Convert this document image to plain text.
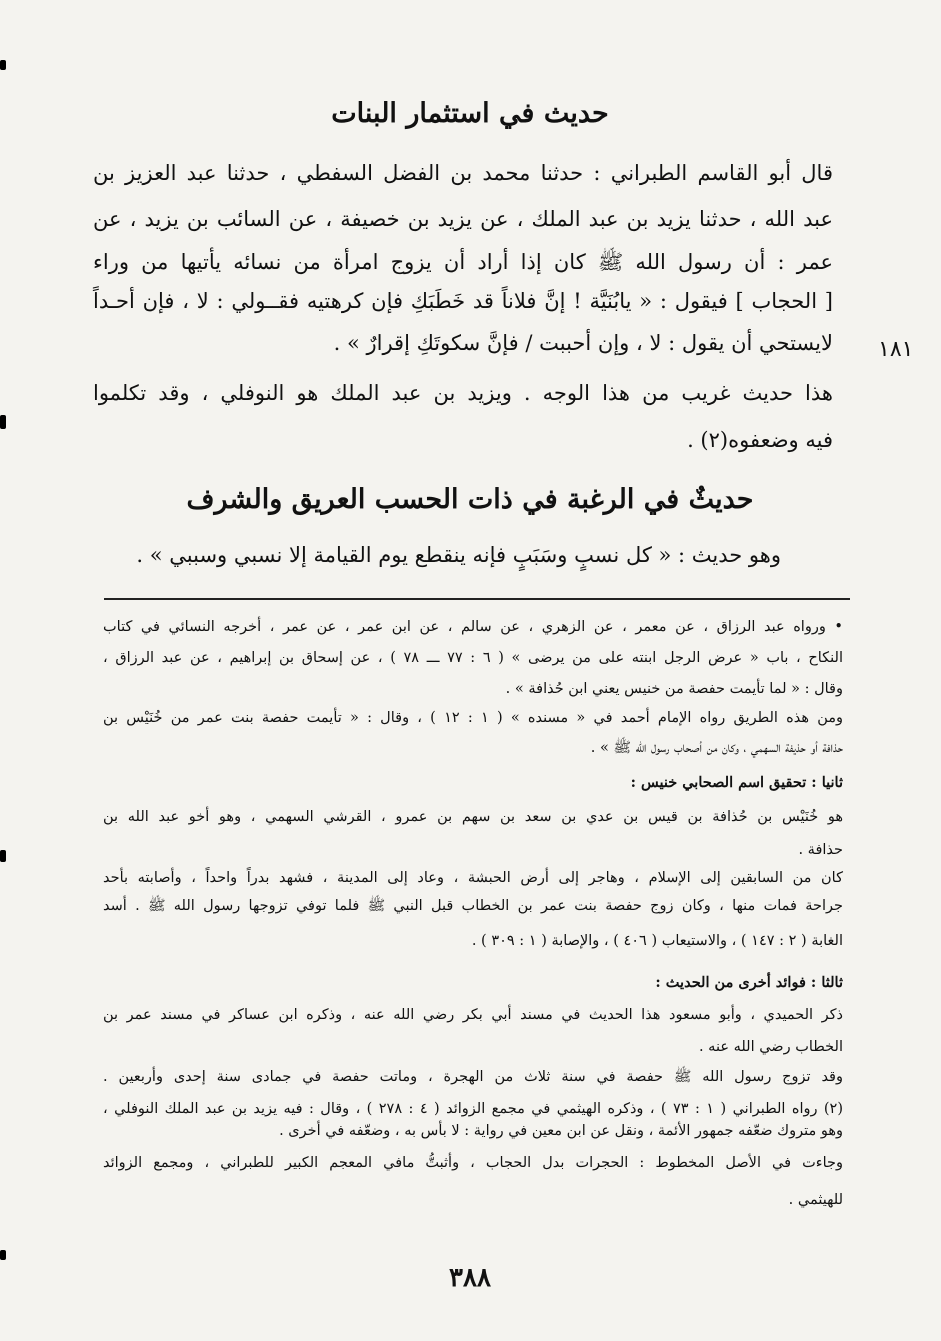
حديث في استثمار البنات
قال أبو القاسم الطبراني : حدثنا محمد بن الفضل السفطي ، حدثنا عبد العزيز بن
عبد الله ، حدثنا يزيد بن عبد الملك ، عن يزيد بن خصيفة ، عن السائب بن يزيد ، عن
عمر : أن رسول الله ﷺ كان إذا أراد أن يزوج امرأة من نسائه يأتيها من وراء
[ الحجاب ] فيقول : « يابُنَيَّة ! إنَّ فلاناً قد خَطَبَكِ فإن كرهتيه فقــولي : لا ، فإن أحـداً
لايستحي أن يقول : لا ، وإن أحببت / فإنَّ سكوتَكِ إقرارٌ » . ١٨١
هذا حديث غريب من هذا الوجه . ويزيد بن عبد الملك هو النوفلي ، وقد تكلموا
فيه وضعفوه(٢) .
حديثٌ في الرغبة في ذات الحسب العريق والشرف
وهو حديث : « كل نسبٍ وسَبَبٍ فإنه ينقطع يوم القيامة إلا نسبي وسببي » .
• ورواه عبد الرزاق ، عن معمر ، عن الزهري ، عن سالم ، عن ابن عمر ، عن عمر ، أخرجه النسائي في كتاب
النكاح ، باب « عرض الرجل ابنته على من يرضى » ( ٦ : ٧٧ ـــ ٧٨ ) ، عن إسحاق بن إبراهيم ، عن عبد الرزاق ،
وقال : « لما تأيمت حفصة من خنيس يعني ابن حُذافة » .
ومن هذه الطريق رواه الإمام أحمد في « مسنده » ( ١ : ١٢ ) ، وقال : « تأيمت حفصة بنت عمر من خُنَيْس بن
حذافة أو حذيفة السهمي ، وكان من أصحاب رسول الله ﷺ » .
ثانيا : تحقيق اسم الصحابي خنيس :
هو خُنَيْس بن حُذافة بن قيس بن عدي بن سعد بن سهم بن عمرو ، القرشي السهمي ، وهو أخو عبد الله بن
حذافة .
كان من السابقين إلى الإسلام ، وهاجر إلى أرض الحبشة ، وعاد إلى المدينة ، فشهد بدراً واحداً ، وأصابته بأحد
جراحة فمات منها ، وكان زوج حفصة بنت عمر بن الخطاب قبل النبي ﷺ فلما توفي تزوجها رسول الله ﷺ . أسد
الغابة ( ٢ : ١٤٧ ) ، والاستيعاب ( ٤٠٦ ) ، والإصابة ( ١ : ٣٠٩ ) .
ثالثا : فوائد أخرى من الحديث :
ذكر الحميدي ، وأبو مسعود هذا الحديث في مسند أبي بكر رضي الله عنه ، وذكره ابن عساكر في مسند عمر بن
الخطاب رضي الله عنه .
وقد تزوج رسول الله ﷺ حفصة في سنة ثلاث من الهجرة ، وماتت حفصة في جمادى سنة إحدى وأربعين .
(٢) رواه الطبراني ( ١ : ٧٣ ) ، وذكره الهيثمي في مجمع الزوائد ( ٤ : ٢٧٨ ) ، وقال : فيه يزيد بن عبد الملك النوفلي ،
وهو متروك ضعّفه جمهور الأئمة ، ونقل عن ابن معين في رواية : لا بأس به ، وضعّفه في أخرى .
وجاءت في الأصل المخطوط : الحجرات بدل الحجاب ، وأثبتُّ مافي المعجم الكبير للطبراني ، ومجمع الزوائد
للهيثمي .
٣٨٨
